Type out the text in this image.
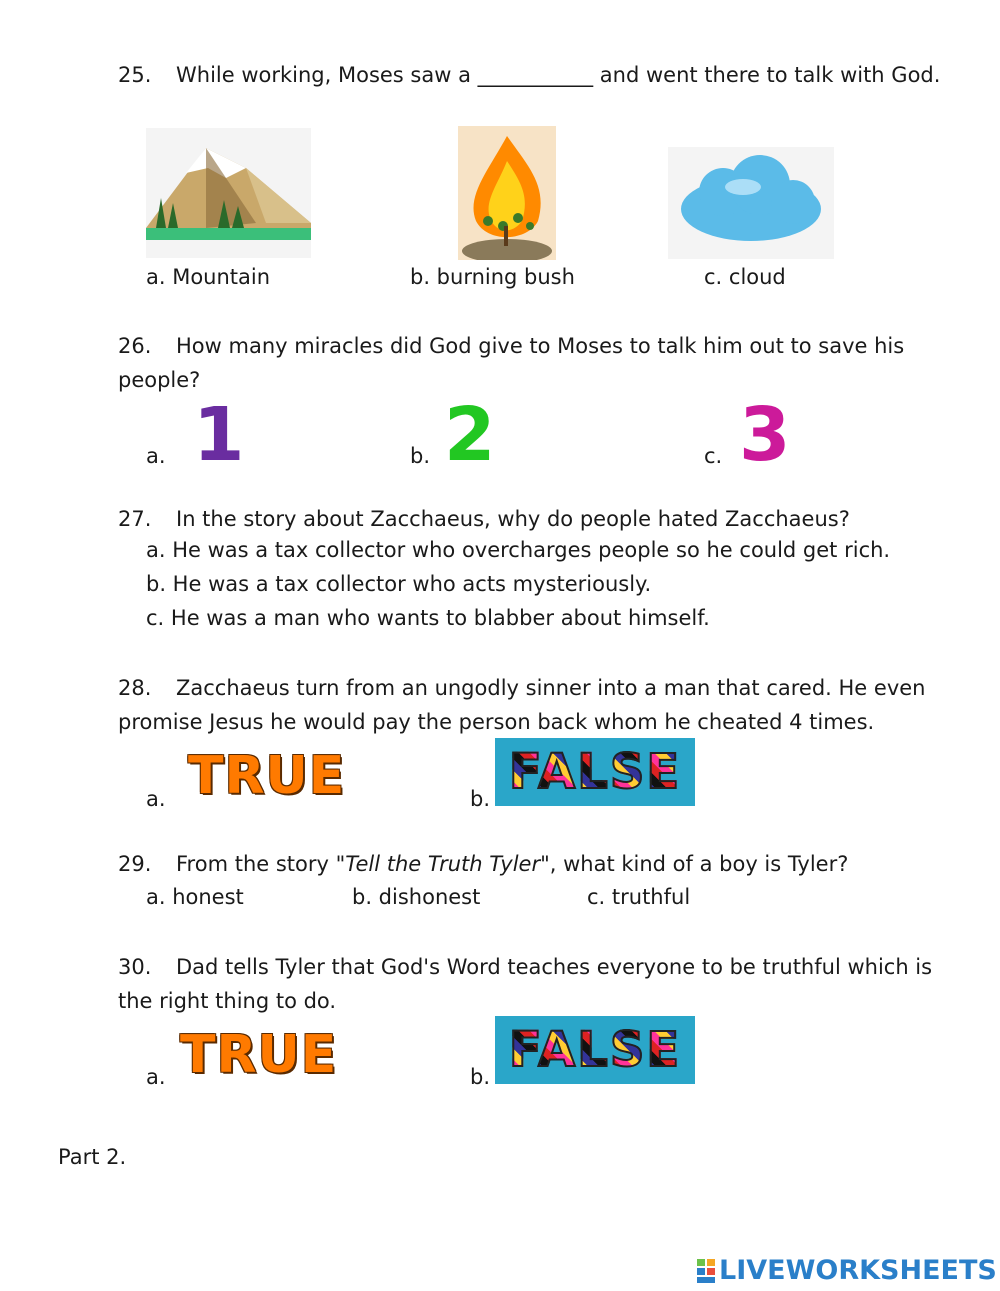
25. While working, Moses saw a ___________ and went there to talk with God.
a. Mountain	b. burning bush	c. cloud
26. How many miracles did God give to Moses to talk him out to save his people?
a. 1	b. 2	c. 3
27. In the story about Zacchaeus, why do people hated Zacchaeus?
a. He was a tax collector who overcharges people so he could get rich.
b. He was a tax collector who acts mysteriously.
c. He was a man who wants to blabber about himself.
28. Zacchaeus turn from an ungodly sinner into a man that cared. He even promise Jesus he would pay the person back whom he cheated 4 times.
a. TRUE	b. FALSE
29. From the story "Tell the Truth Tyler", what kind of a boy is Tyler?
a. honest	b. dishonest	c. truthful
30. Dad tells Tyler that God's Word teaches everyone to be truthful which is the right thing to do.
a. TRUE	b. FALSE
Part 2.
LIVEWORKSHEETS
